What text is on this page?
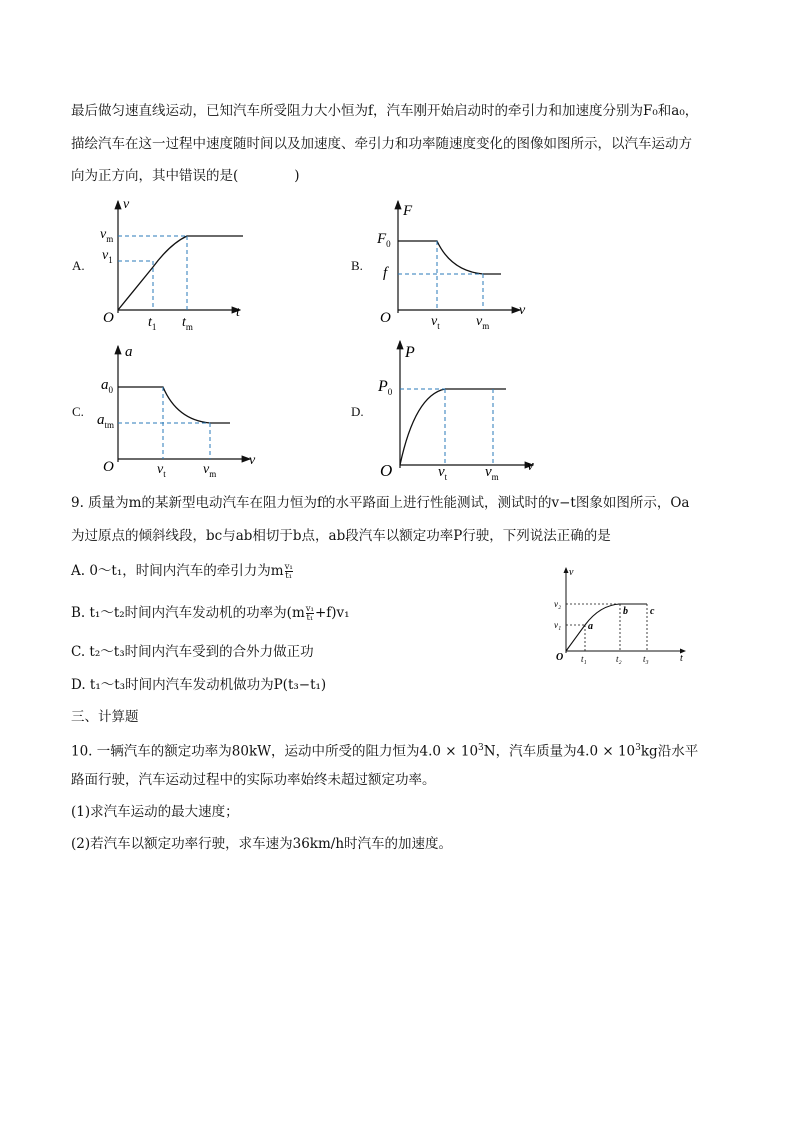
最后做匀速直线运动，已知汽车所受阻力大小恒为f，汽车刚开始启动时的牵引力和加速度分别为F₀和a₀，
描绘汽车在这一过程中速度随时间以及加速度、牵引力和功率随速度变化的图像如图所示，以汽车运动方
向为正方向，其中错误的是(	)
A.	B.
C.	D.
v
t
O
$v_m$
$v_1$
$t_1$ $t_m$
F
v
O
$F_0$
f
$v_t$	$v_m$
a
v
O
$a_0$
$a_{tm}$
$v_t$	$v_m$
P
v
O
$P_0$
$v_t$	$v_m$
9. 质量为m的某新型电动汽车在阻力恒为f的水平路面上进行性能测试，测试时的v−t图象如图所示，Oa
为过原点的倾斜线段，bc与ab相切于b点，ab段汽车以额定功率P行驶，下列说法正确的是
A. 0～t₁，时间内汽车的牵引力为m $\frac{\text{v₁}}{\text{t₁}}$
B. t₁～t₂时间内汽车发动机的功率为$(m \frac{\text{v₁}}{\text{t₁}} +f)v_1$
C. t₂～t₃时间内汽车受到的合外力做正功
D. t₁～t₃时间内汽车发动机做功为P(t₃−t₁)
v
t
O
v₂
v₁	a
b c
t₁	t₂ t₃
三、计算题
10. 一辆汽车的额定功率为80kW，运动中所受的阻力恒为$4.0 \times 10^3N$，汽车质量为$4.0 \times 10^3kg$沿水平
路面行驶，汽车运动过程中的实际功率始终未超过额定功率。
(1)求汽车运动的最大速度；
(2)若汽车以额定功率行驶，求车速为36km/h时汽车的加速度。
